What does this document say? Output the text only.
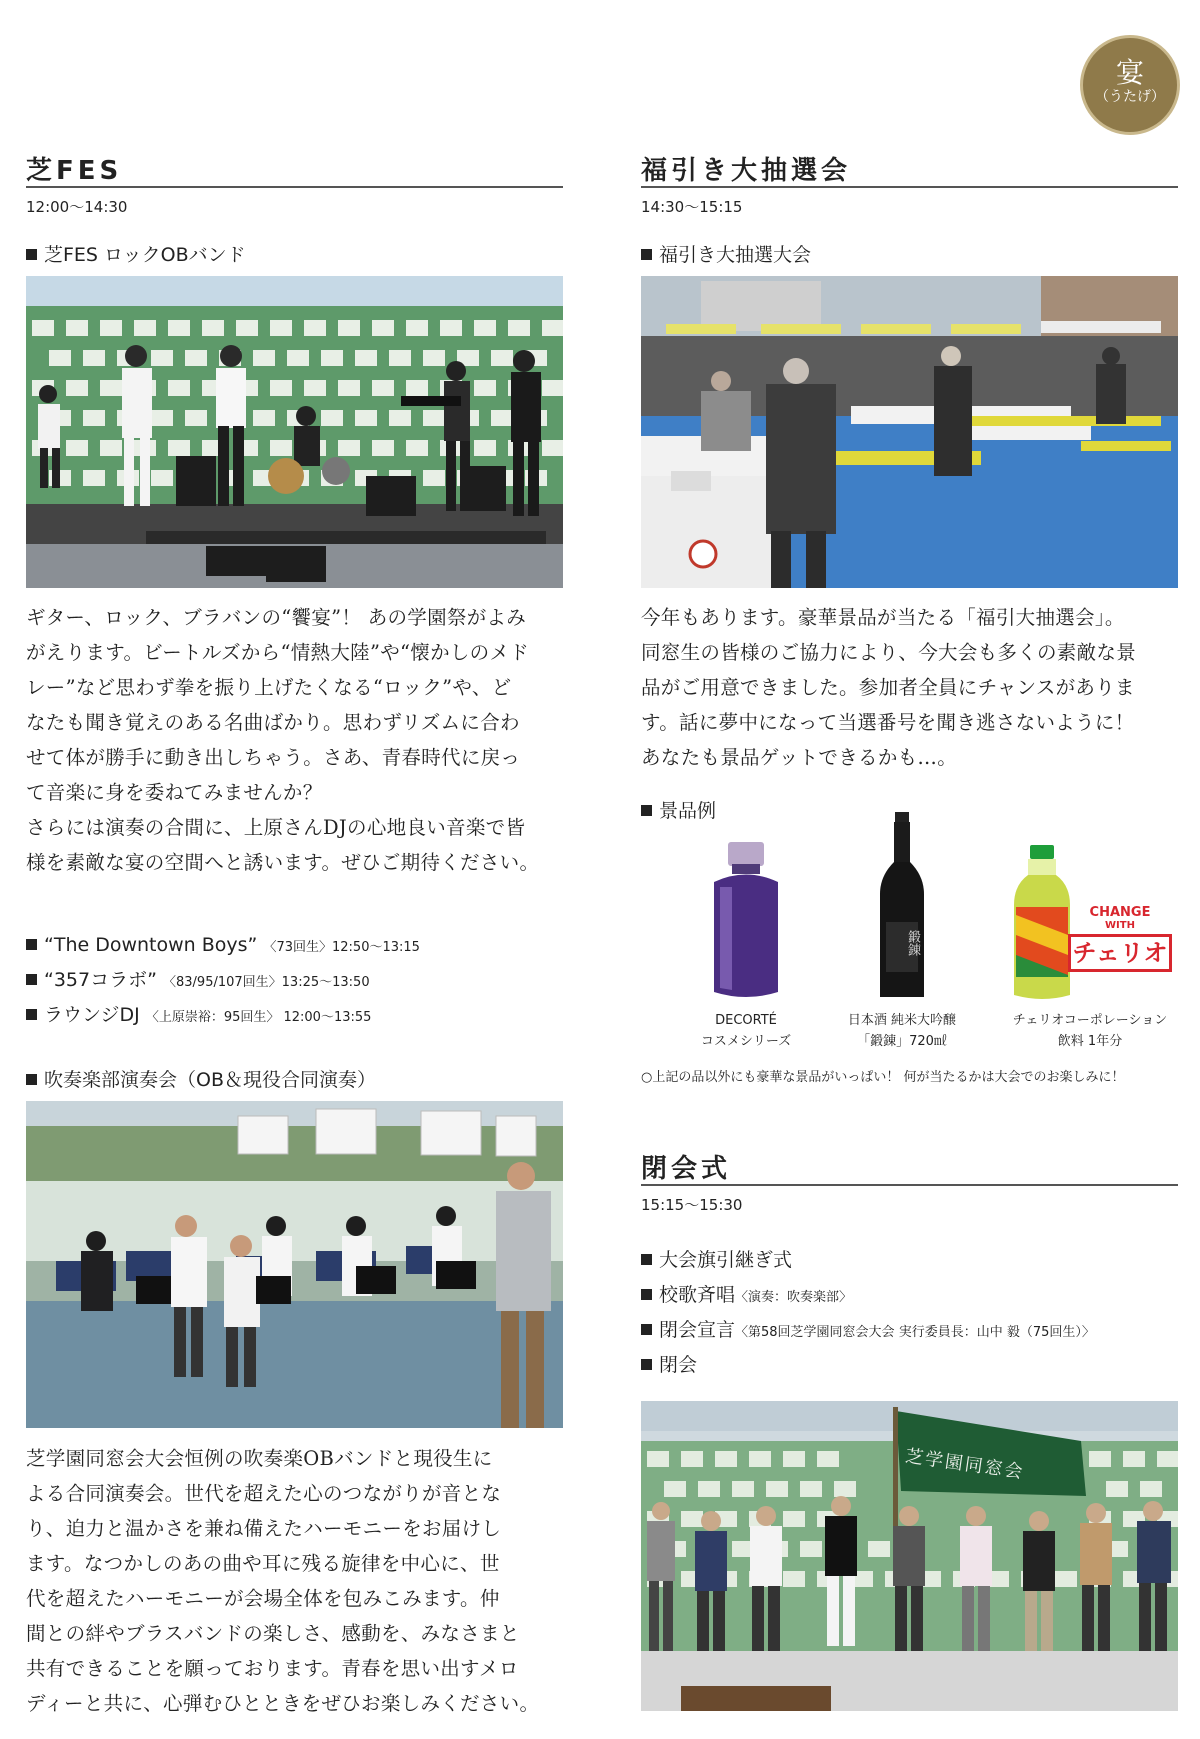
宴
（うたげ）
芝FES
12:00〜14:30
芝FES ロックOBバンド
ギター、ロック、ブラバンの“饗宴”！ あの学園祭がよみ
がえります。ビートルズから“情熱大陸”や“懐かしのメド
レー”など思わず拳を振り上げたくなる“ロック”や、ど
なたも聞き覚えのある名曲ばかり。思わずリズムに合わ
せて体が勝手に動き出しちゃう。さあ、青春時代に戻っ
て音楽に身を委ねてみませんか？
さらには演奏の合間に、上原さんDJの心地良い音楽で皆
様を素敵な宴の空間へと誘います。ぜひご期待ください。
“The Downtown Boys” 〈73回生〉12:50〜13:15
“357コラボ” 〈83/95/107回生〉13:25〜13:50
ラウンジDJ 〈上原崇裕：95回生〉 12:00〜13:55
吹奏楽部演奏会（OB＆現役合同演奏）
芝学園同窓会大会恒例の吹奏楽OBバンドと現役生に
よる合同演奏会。世代を超えた心のつながりが音とな
り、迫力と温かさを兼ね備えたハーモニーをお届けし
ます。なつかしのあの曲や耳に残る旋律を中心に、世
代を超えたハーモニーが会場全体を包みこみます。仲
間との絆やブラスバンドの楽しさ、感動を、みなさまと
共有できることを願っております。青春を思い出すメロ
ディーと共に、心弾むひとときをぜひお楽しみください。
福引き大抽選会
14:30〜15:15
福引き大抽選大会
今年もあります。豪華景品が当たる「福引大抽選会」。
同窓生の皆様のご協力により、今大会も多くの素敵な景
品がご用意できました。参加者全員にチャンスがありま
す。話に夢中になって当選番号を聞き逃さないように！
あなたも景品ゲットできるかも…。
景品例
鍛錬
CHANGE
WITH
チェリオ
DECORTÉ
コスメシリーズ
日本酒 純米大吟醸
「鍛錬」720㎖
チェリオコーポレーション
飲料 1年分
○上記の品以外にも豪華な景品がいっぱい！ 何が当たるかは大会でのお楽しみに！
閉会式
15:15〜15:30
大会旗引継ぎ式
校歌斉唱〈演奏：吹奏楽部〉
閉会宣言〈第58回芝学園同窓会大会 実行委員長：山中 毅（75回生）〉
閉会
芝学園同窓会
